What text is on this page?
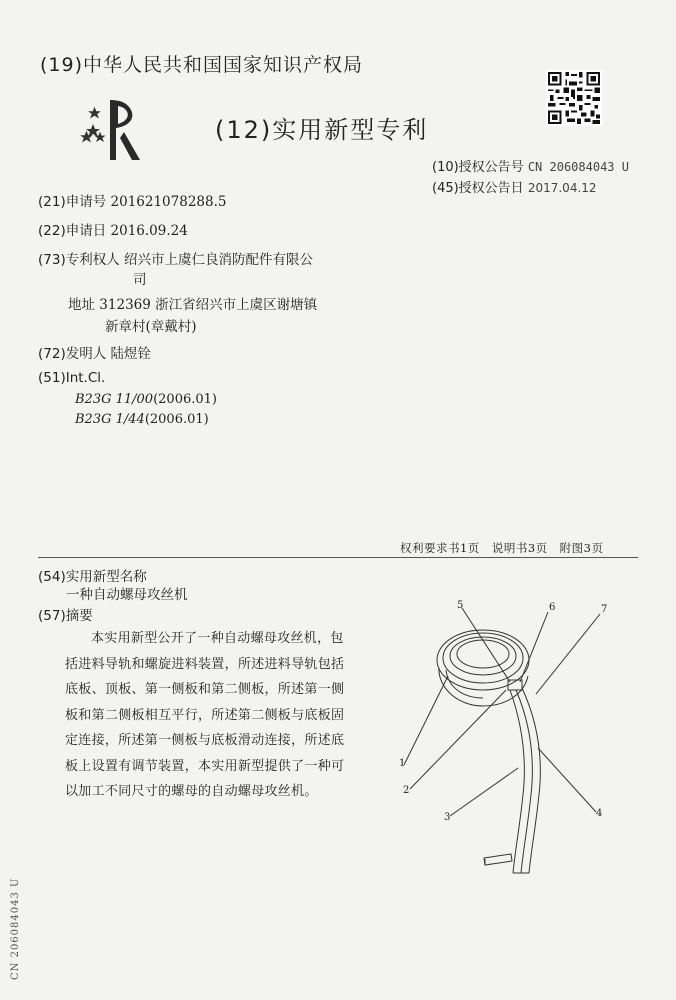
(19)中华人民共和国国家知识产权局
(12)实用新型专利
(10)授权公告号 CN 206084043 U
(45)授权公告日 2017.04.12
(21)申请号 201621078288.5
(22)申请日 2016.09.24
(73)专利权人 绍兴市上虞仁良消防配件有限公
司
地址 312369 浙江省绍兴市上虞区谢塘镇
新章村(章戴村)
(72)发明人 陆煜铨
(51)Int.Cl.
B23G 11/00(2006.01)
B23G 1/44(2006.01)
权利要求书1页　说明书3页　附图3页
(54)实用新型名称
一种自动螺母攻丝机
(57)摘要
本实用新型公开了一种自动螺母攻丝机，包括进料导轨和螺旋进料装置，所述进料导轨包括底板、顶板、第一侧板和第二侧板，所述第一侧板和第二侧板相互平行，所述第二侧板与底板固定连接，所述第一侧板与底板滑动连接，所述底板上设置有调节装置，本实用新型提供了一种可以加工不同尺寸的螺母的自动螺母攻丝机。
1
2
3	4
5	6	7
CN 206084043 U
